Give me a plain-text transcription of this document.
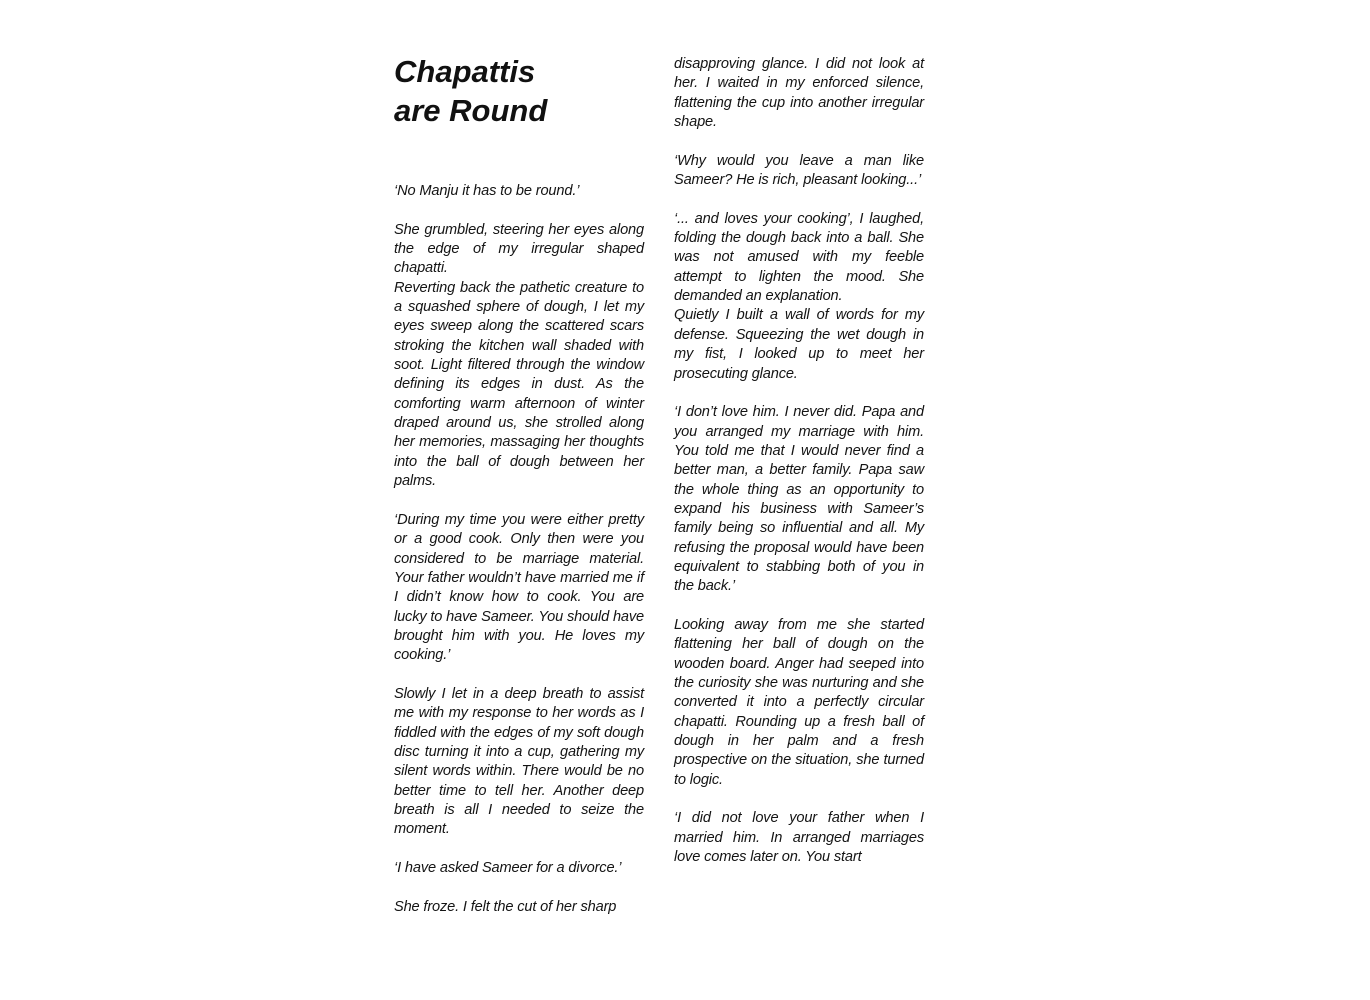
Chapattis
are Round

‘No Manju it has to be round.’

She grumbled, steering her eyes along the edge of my irregular shaped chapatti.

Reverting back the pathetic creature to a squashed sphere of dough, I let my eyes sweep along the scattered scars stroking the kitchen wall shaded with soot. Light filtered through the window defining its edges in dust. As the comforting warm afternoon of winter draped around us, she strolled along her memories, massaging her thoughts into the ball of dough between her palms.

‘During my time you were either pretty or a good cook. Only then were you considered to be marriage material. Your father wouldn’t have married me if I didn’t know how to cook. You are lucky to have Sameer. You should have brought him with you. He loves my cooking.’

Slowly I let in a deep breath to assist me with my response to her words as I fiddled with the edges of my soft dough disc turning it into a cup, gathering my silent words within. There would be no better time to tell her. Another deep breath is all I needed to seize the moment.

‘I have asked Sameer for a divorce.’

She froze. I felt the cut of her sharp

disapproving glance. I did not look at her. I waited in my enforced silence, flattening the cup into another irregular shape.

‘Why would you leave a man like Sameer? He is rich, pleasant looking...’

‘... and loves your cooking’, I laughed, folding the dough back into a ball. She was not amused with my feeble attempt to lighten the mood. She demanded an explanation.

Quietly I built a wall of words for my defense. Squeezing the wet dough in my fist, I looked up to meet her prosecuting glance.

‘I don’t love him. I never did. Papa and you arranged my marriage with him. You told me that I would never find a better man, a better family. Papa saw the whole thing as an opportunity to expand his business with Sameer’s family being so influential and all. My refusing the proposal would have been equivalent to stabbing both of you in the back.’

Looking away from me she started flattening her ball of dough on the wooden board. Anger had seeped into the curiosity she was nurturing and she converted it into a perfectly circular chapatti. Rounding up a fresh ball of dough in her palm and a fresh prospective on the situation, she turned to logic.

‘I did not love your father when I married him. In arranged marriages love comes later on. You start
